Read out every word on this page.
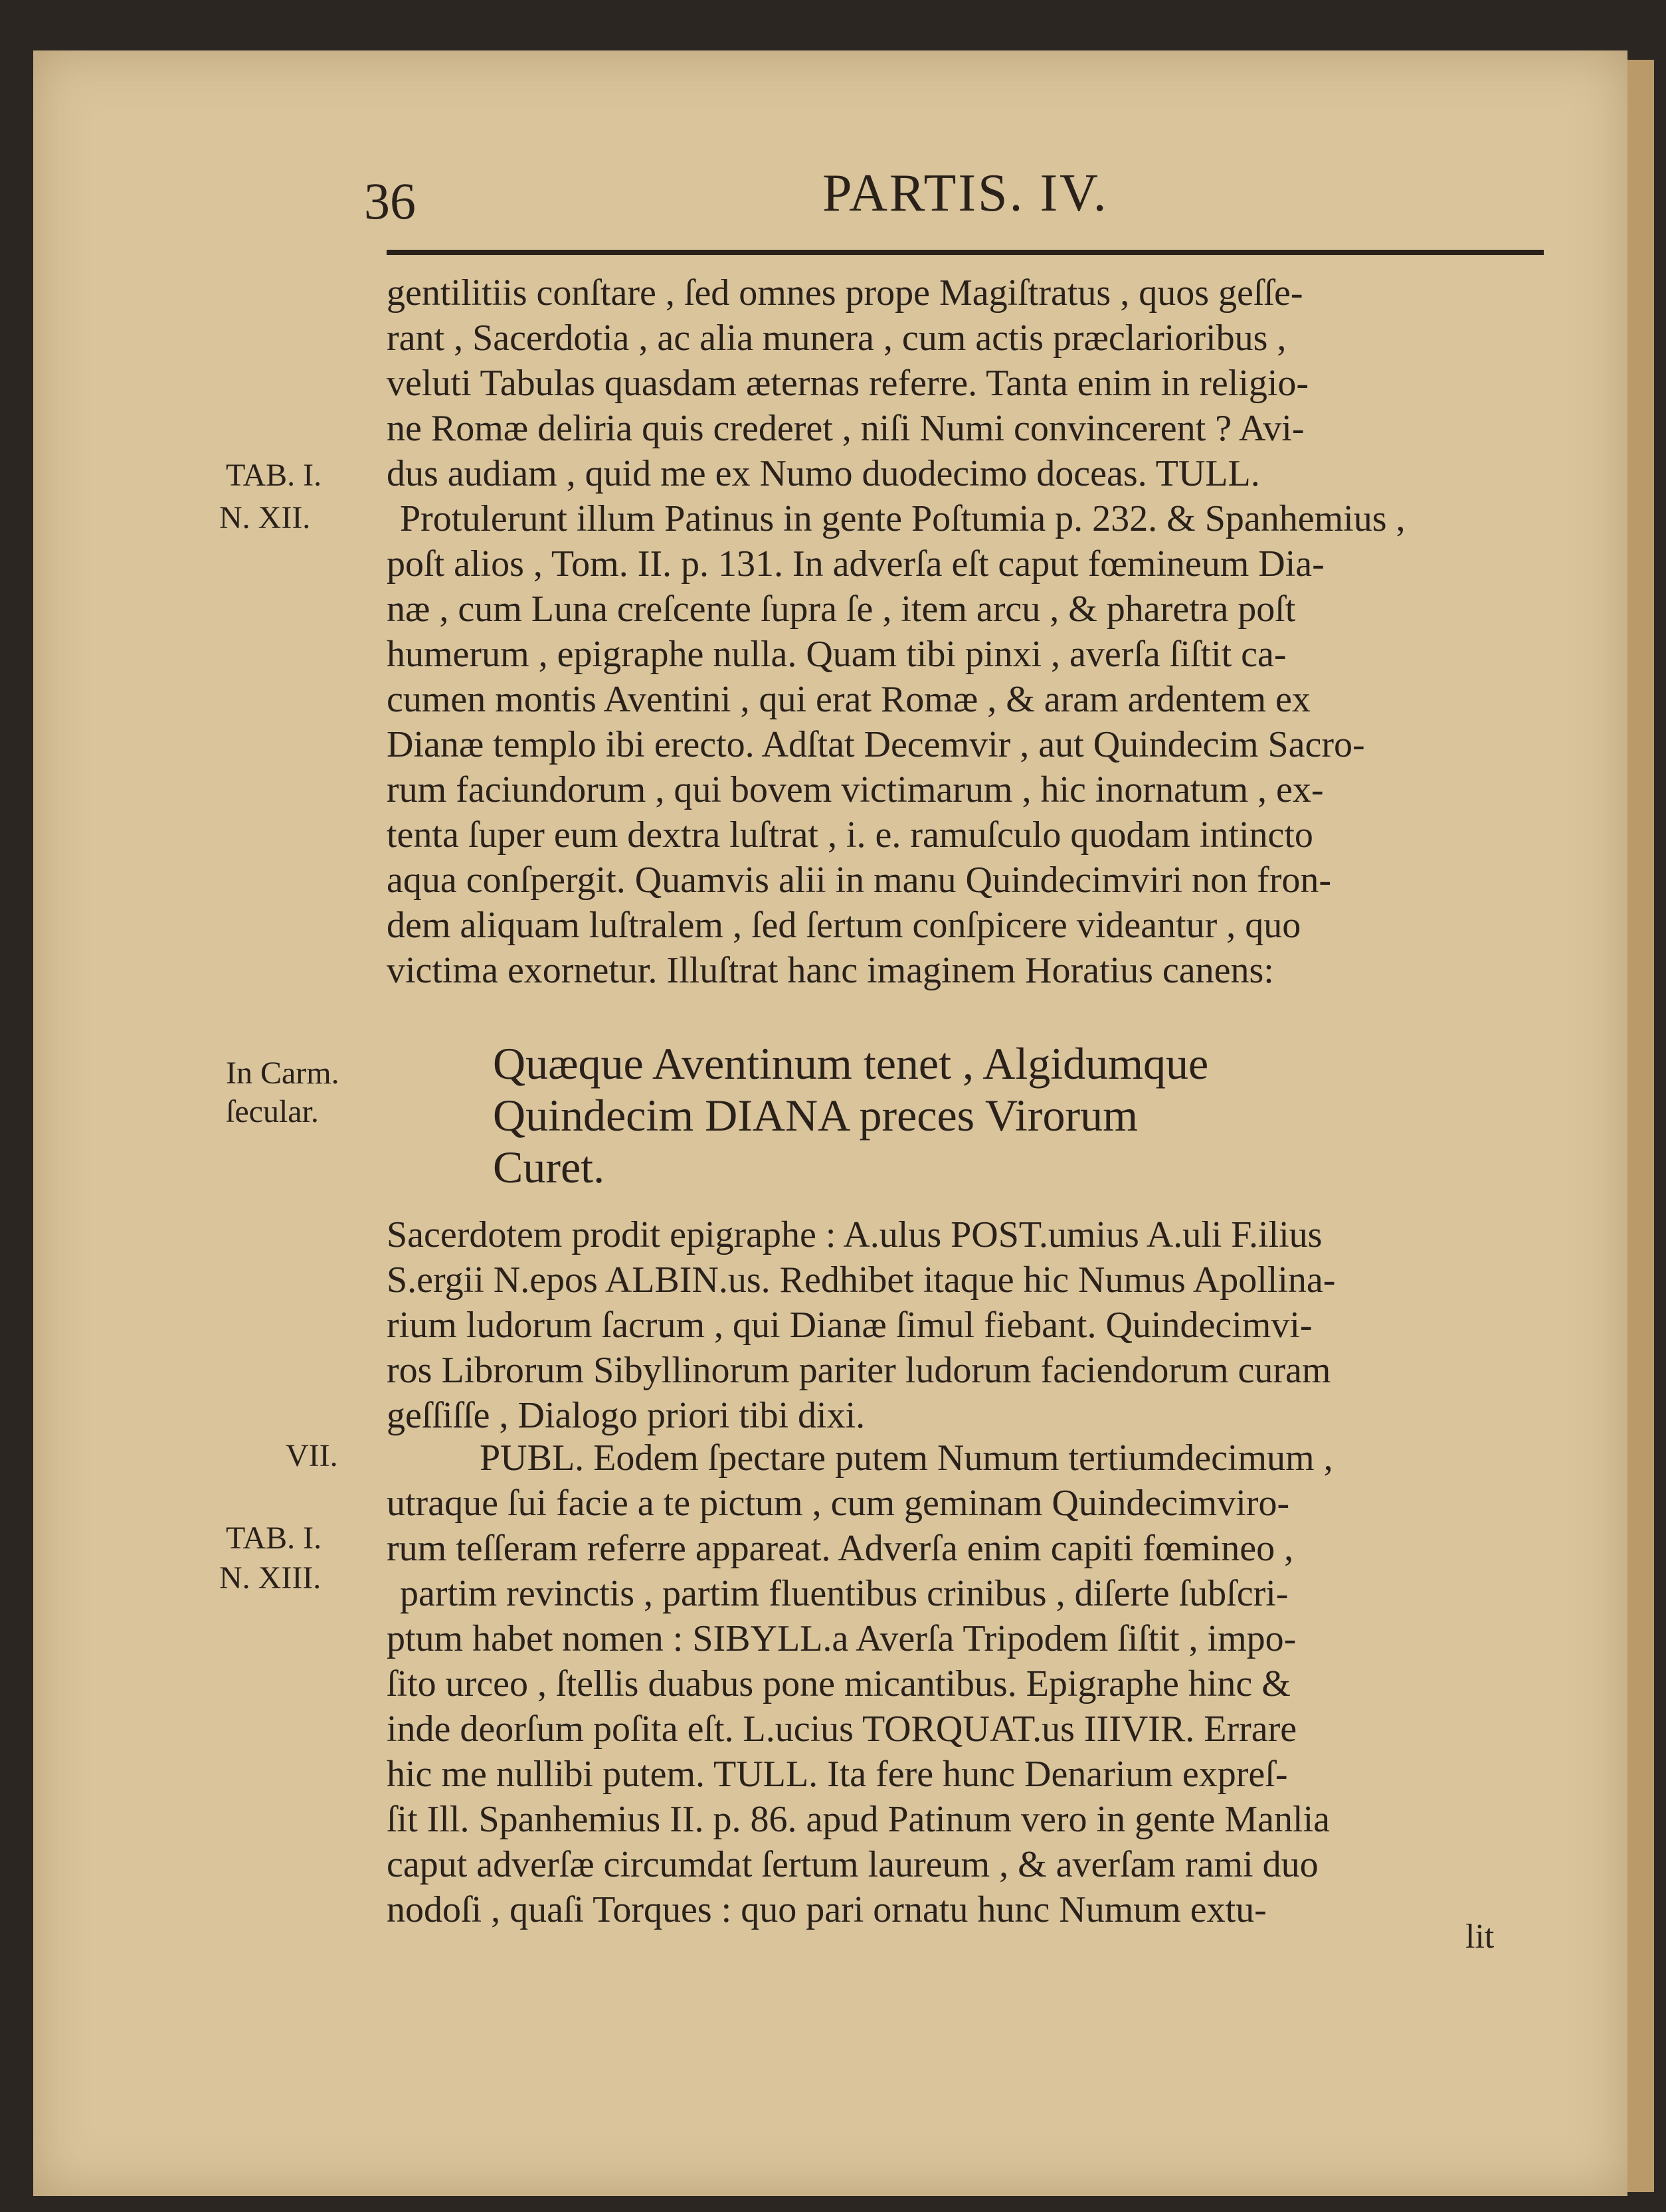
36	PARTIS. IV.
gentilitiis conſtare , ſed omnes prope Magiſtratus , quos geſſe-
rant , Sacerdotia , ac alia munera , cum actis præclarioribus ,
veluti Tabulas quasdam æternas referre. Tanta enim in religio-
ne Romæ deliria quis crederet , niſi Numi convincerent ? Avi-
dus audiam , quid me ex Numo duodecimo doceas. TULL.
Protulerunt illum Patinus in gente Poſtumia p. 232. & Spanhemius ,
poſt alios , Tom. II. p. 131. In adverſa eſt caput fœmineum Dia-
næ , cum Luna creſcente ſupra ſe , item arcu , & pharetra poſt
humerum , epigraphe nulla. Quam tibi pinxi , averſa ſiſtit ca-
cumen montis Aventini , qui erat Romæ , & aram ardentem ex
Dianæ templo ibi erecto. Adſtat Decemvir , aut Quindecim Sacro-
rum faciundorum , qui bovem victimarum , hic inornatum , ex-
tenta ſuper eum dextra luſtrat , i. e. ramuſculo quodam intincto
aqua conſpergit. Quamvis alii in manu Quindecimviri non fron-
dem aliquam luſtralem , ſed ſertum conſpicere videantur , quo
victima exornetur. Illuſtrat hanc imaginem Horatius canens:
TAB. I.
N. XII.
In Carm.
ſecular.
VII.
TAB. I.
N. XIII.
Quæque Aventinum tenet , Algidumque
Quindecim DIANA preces Virorum
Curet.
Sacerdotem prodit epigraphe : A.ulus POST.umius A.uli F.ilius
S.ergii N.epos ALBIN.us. Redhibet itaque hic Numus Apollina-
rium ludorum ſacrum , qui Dianæ ſimul fiebant. Quindecimvi-
ros Librorum Sibyllinorum pariter ludorum faciendorum curam
geſſiſſe , Dialogo priori tibi dixi.
PUBL. Eodem ſpectare putem Numum tertiumdecimum ,
utraque ſui facie a te pictum , cum geminam Quindecimviro-
rum teſſeram referre appareat. Adverſa enim capiti fœmineo ,
partim revinctis , partim fluentibus crinibus , diſerte ſubſcri-
ptum habet nomen : SIBYLL.a Averſa Tripodem ſiſtit , impo-
ſito urceo , ſtellis duabus pone micantibus. Epigraphe hinc &
inde deorſum poſita eſt. L.ucius TORQUAT.us IIIVIR. Errare
hic me nullibi putem. TULL. Ita fere hunc Denarium expreſ-
ſit Ill. Spanhemius II. p. 86. apud Patinum vero in gente Manlia
caput adverſæ circumdat ſertum laureum , & averſam rami duo
nodoſi , quaſi Torques : quo pari ornatu hunc Numum extu-
lit
